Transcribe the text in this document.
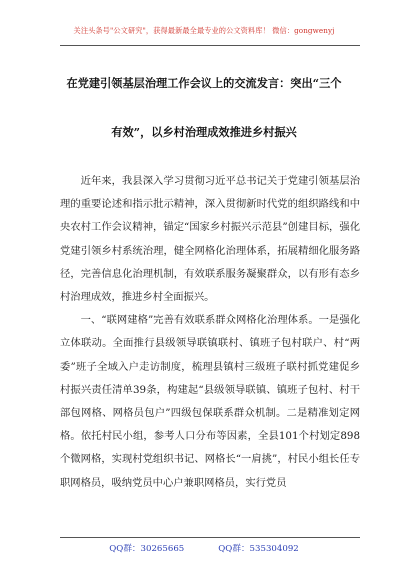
关注头条号"公文研究"，获得最新最全最专业的公文资料库！ 微信：gongwenyj
在党建引领基层治理工作会议上的交流发言：突出“三个
有效”，以乡村治理成效推进乡村振兴

近年来，我县深入学习贯彻习近平总书记关于党建引领基层治理的重要论述和指示批示精神，深入贯彻新时代党的组织路线和中央农村工作会议精神，锚定“国家乡村振兴示范县”创建目标，强化党建引领乡村系统治理，健全网格化治理体系，拓展精细化服务路径，完善信息化治理机制，有效联系服务凝聚群众，以有形有态乡村治理成效，推进乡村全面振兴。

一、“联网建格”完善有效联系群众网格化治理体系。一是强化立体联动。全面推行县级领导联镇联村、镇班子包村联户、村“两委”班子全域入户走访制度，梳理县镇村三级班子联村抓党建促乡村振兴责任清单39条，构建起“县级领导联镇、镇班子包村、村干部包网格、网格员包户”四级包保联系群众机制。二是精准划定网格。依托村民小组，参考人口分布等因素，全县101个村划定898个微网格，实现村党组织书记、网格长“一肩挑”，村民小组长任专职网格员，吸纳党员中心户兼职网格员，实行党员

QQ群：30265665	QQ群：535304092
